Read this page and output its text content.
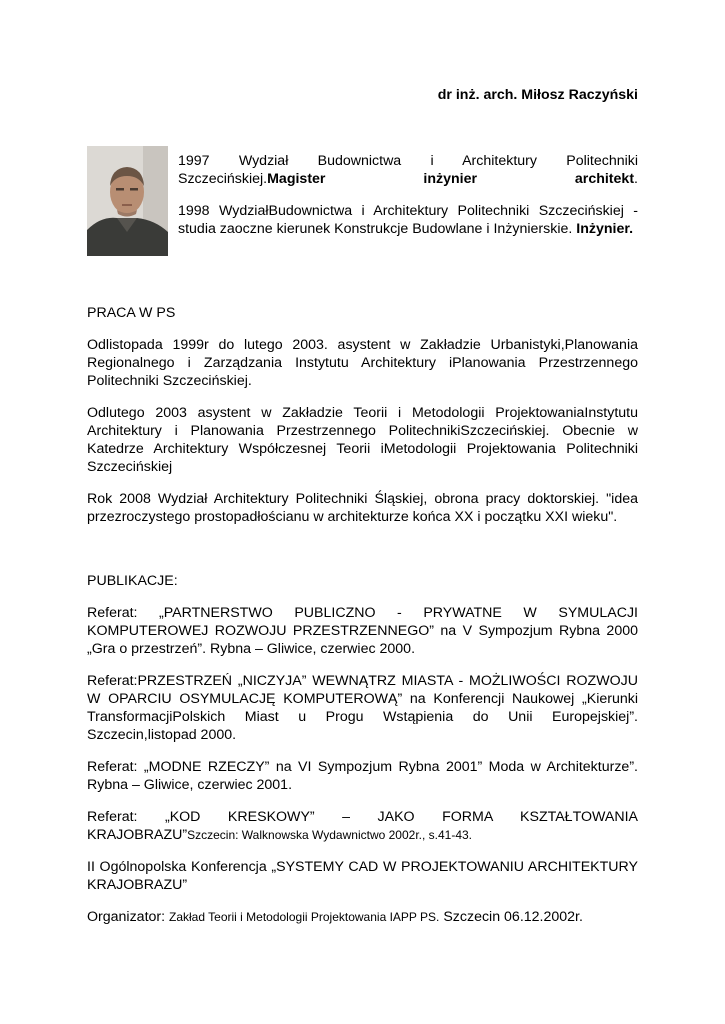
dr inż. arch. Miłosz Raczyński

1997 Wydział Budownictwa i Architektury Politechniki Szczecińskiej.Magister inżynier architekt.

1998 WydziałBudownictwa i Architektury Politechniki Szczecińskiej - studia zaoczne kierunek Konstrukcje Budowlane i Inżynierskie. Inżynier.

PRACA W PS

Odlistopada 1999r do lutego 2003. asystent w Zakładzie Urbanistyki,Planowania Regionalnego i Zarządzania Instytutu Architektury iPlanowania Przestrzennego Politechniki Szczecińskiej.

Odlutego 2003 asystent w Zakładzie Teorii i Metodologii ProjektowaniaInstytutu Architektury i Planowania Przestrzennego PolitechnikiSzczecińskiej. Obecnie w Katedrze Architektury Współczesnej Teorii iMetodologii Projektowania Politechniki Szczecińskiej

Rok 2008 Wydział Architektury Politechniki Śląskiej, obrona pracy doktorskiej. "idea przezroczystego prostopadłościanu w architekturze końca XX i początku XXI wieku".

PUBLIKACJE:

Referat: „PARTNERSTWO PUBLICZNO - PRYWATNE W SYMULACJI KOMPUTEROWEJ ROZWOJU PRZESTRZENNEGO” na V Sympozjum Rybna 2000 „Gra o przestrzeń”. Rybna – Gliwice, czerwiec 2000.

Referat:PRZESTRZEŃ „NICZYJA” WEWNĄTRZ MIASTA - MOŻLIWOŚCI ROZWOJU W OPARCIU OSYMULACJĘ KOMPUTEROWĄ” na Konferencji Naukowej „Kierunki TransformacjiPolskich Miast u Progu Wstąpienia do Unii Europejskiej”. Szczecin,listopad 2000.

Referat: „MODNE RZECZY” na VI Sympozjum Rybna 2001” Moda w Architekturze”. Rybna – Gliwice, czerwiec 2001.

Referat: „KOD KRESKOWY” – JAKO FORMA KSZTAŁTOWANIA KRAJOBRAZU”Szczecin: Walknowska Wydawnictwo 2002r., s.41-43.

II Ogólnopolska Konferencja „SYSTEMY CAD W PROJEKTOWANIU ARCHITEKTURY KRAJOBRAZU”

Organizator: Zakład Teorii i Metodologii Projektowania IAPP PS. Szczecin 06.12.2002r.
